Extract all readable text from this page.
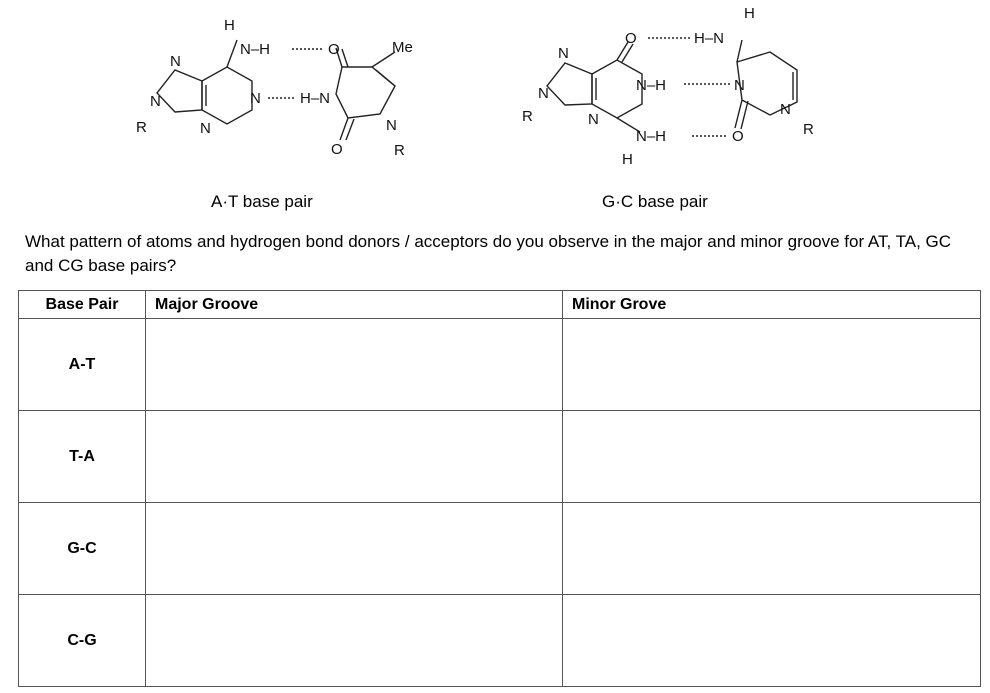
H
N–H	O	Me
N
N
R	N
N	H–N
N
R
O
H
O	H–N
N
N
R	N
N–H	N
N
R
N–H	O
H
A·T base pair	G·C base pair
What pattern of atoms and hydrogen bond donors / acceptors do you observe in the major and minor groove for AT, TA, GC and CG base pairs?
Base Pair	Major Groove	Minor Grove
A-T		
T-A		
G-C		
C-G		
